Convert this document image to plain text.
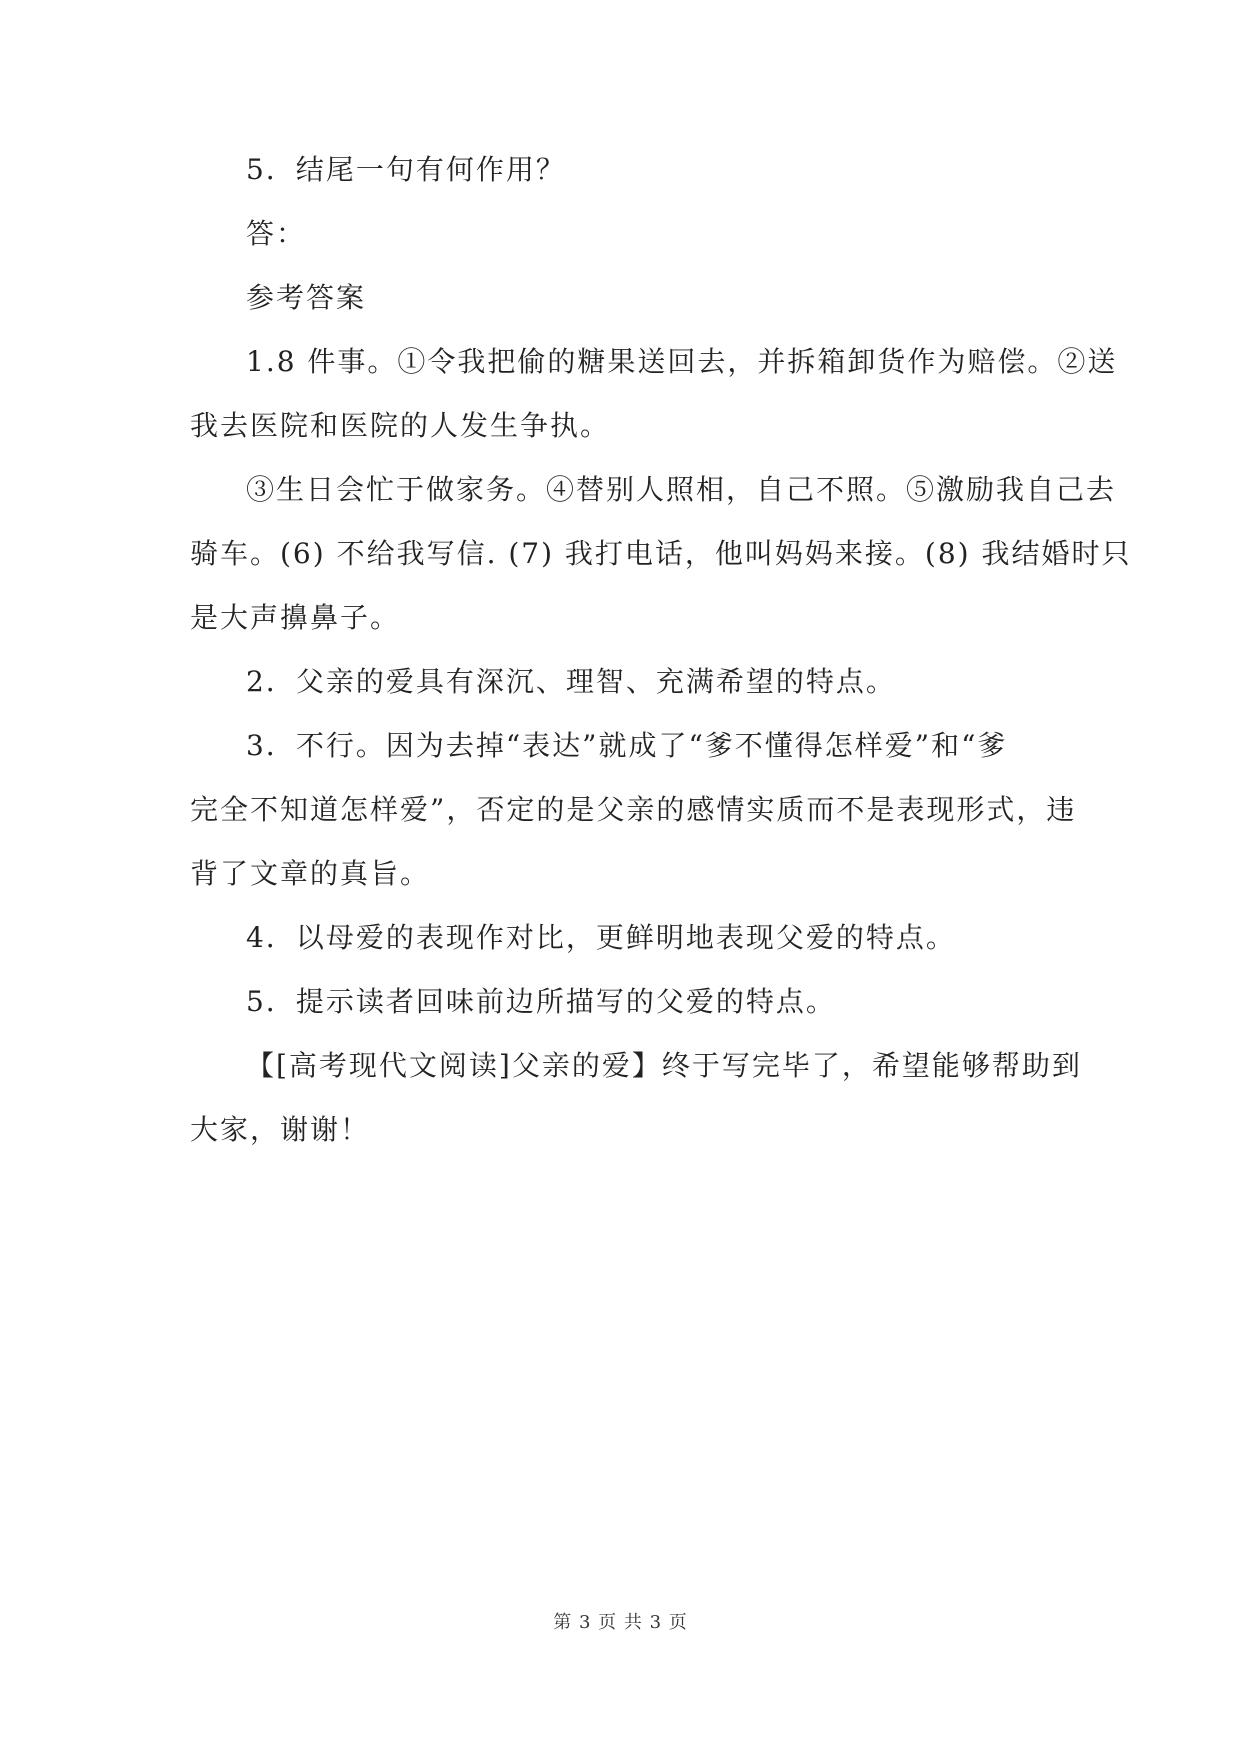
5．结尾一句有何作用？

答：

参考答案

1.8 件事。①令我把偷的糖果送回去，并拆箱卸货作为赔偿。②送

我去医院和医院的人发生争执。

③生日会忙于做家务。④替别人照相，自己不照。⑤激励我自己去

骑车。(6) 不给我写信. (7) 我打电话，他叫妈妈来接。(8) 我结婚时只

是大声擤鼻子。

2．父亲的爱具有深沉、理智、充满希望的特点。

3．不行。因为去掉“表达”就成了“爹不懂得怎样爱”和“爹

完全不知道怎样爱”，否定的是父亲的感情实质而不是表现形式，违

背了文章的真旨。

4．以母爱的表现作对比，更鲜明地表现父爱的特点。

5．提示读者回味前边所描写的父爱的特点。

【[高考现代文阅读]父亲的爱】终于写完毕了，希望能够帮助到

大家，谢谢！

第 3 页 共 3 页
